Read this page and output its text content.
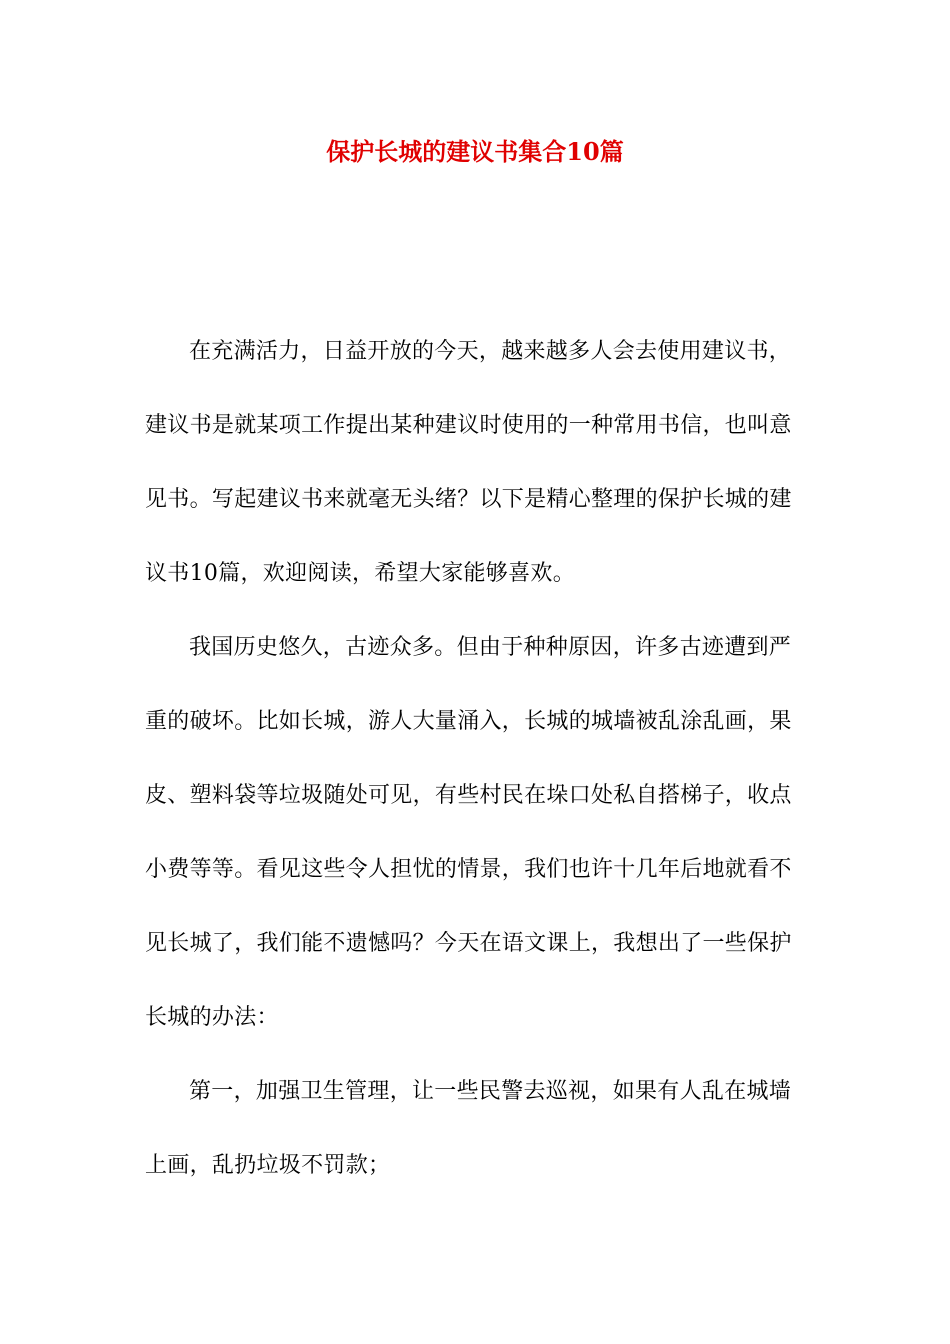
保护长城的建议书集合10篇

在充满活力，日益开放的今天，越来越多人会去使用建议书，
建议书是就某项工作提出某种建议时使用的一种常用书信，也叫意
见书。写起建议书来就毫无头绪？以下是精心整理的保护长城的建
议书10篇，欢迎阅读，希望大家能够喜欢。

我国历史悠久，古迹众多。但由于种种原因，许多古迹遭到严
重的破坏。比如长城，游人大量涌入，长城的城墙被乱涂乱画，果
皮、塑料袋等垃圾随处可见，有些村民在垛口处私自搭梯子，收点
小费等等。看见这些令人担忧的情景，我们也许十几年后地就看不
见长城了，我们能不遗憾吗？今天在语文课上，我想出了一些保护
长城的办法：

第一，加强卫生管理，让一些民警去巡视，如果有人乱在城墙
上画，乱扔垃圾不罚款；
